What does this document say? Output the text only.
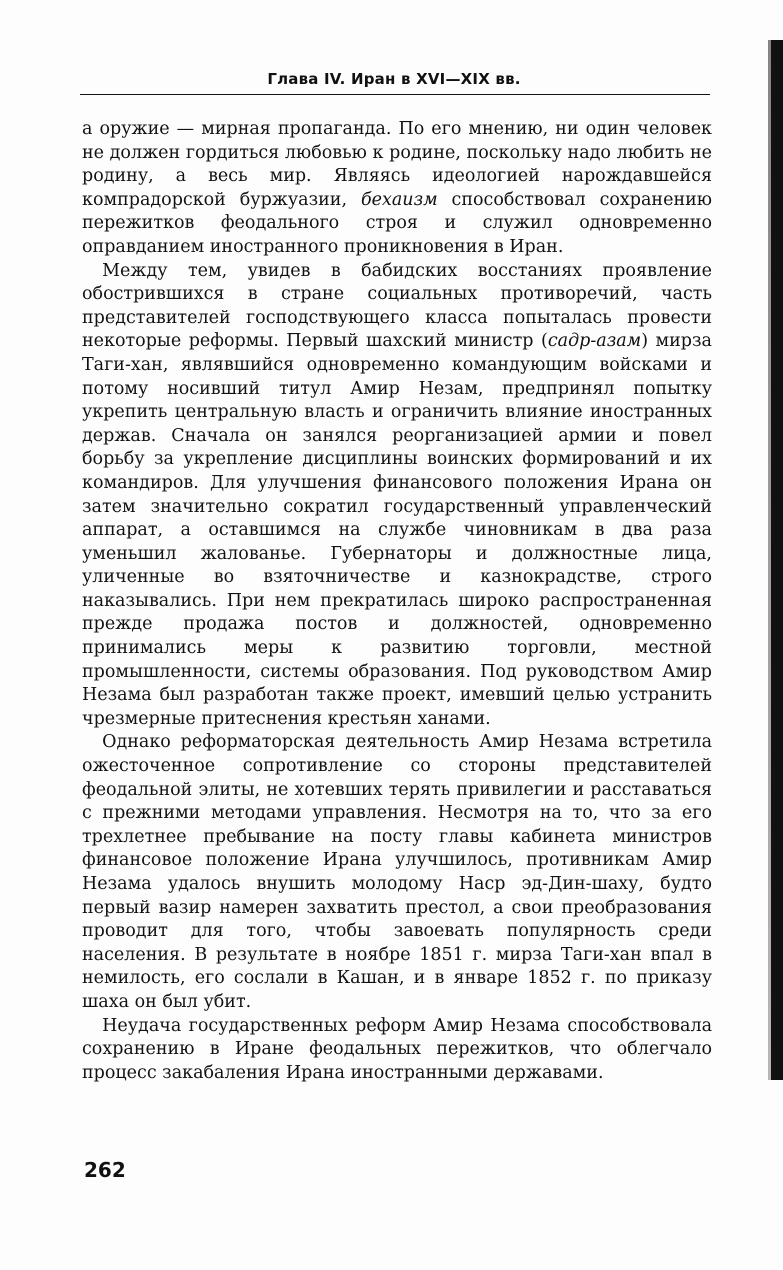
Глава IV. Иран в XVI—XIX вв.

а оружие — мирная пропаганда. По его мнению, ни один человек не должен гордиться любовью к родине, поскольку надо любить не родину, а весь мир. Являясь идеологией нарождавшейся компрадорской буржуазии, бехаизм способствовал сохранению пережитков феодального строя и служил одновременно оправданием иностранного проникновения в Иран.

Между тем, увидев в бабидских восстаниях проявление обострившихся в стране социальных противоречий, часть представителей господствующего класса попыталась провести некоторые реформы. Первый шахский министр (садр-азам) мирза Таги-хан, являвшийся одновременно командующим войсками и потому носивший титул Амир Незам, предпринял попытку укрепить центральную власть и ограничить влияние иностранных держав. Сначала он занялся реорганизацией армии и повел борьбу за укрепление дисциплины воинских формирований и их командиров. Для улучшения финансового положения Ирана он затем значительно сократил государственный управленческий аппарат, а оставшимся на службе чиновникам в два раза уменьшил жалованье. Губернаторы и должностные лица, уличенные во взяточничестве и казнокрадстве, строго наказывались. При нем прекратилась широко распространенная прежде продажа постов и должностей, одновременно принимались меры к развитию торговли, местной промышленности, системы образования. Под руководством Амир Незама был разработан также проект, имевший целью устранить чрезмерные притеснения крестьян ханами.

Однако реформаторская деятельность Амир Незама встретила ожесточенное сопротивление со стороны представителей феодальной элиты, не хотевших терять привилегии и расставаться с прежними методами управления. Несмотря на то, что за его трехлетнее пребывание на посту главы кабинета министров финансовое положение Ирана улучшилось, противникам Амир Незама удалось внушить молодому Наср эд-Дин-шаху, будто первый вазир намерен захватить престол, а свои преобразования проводит для того, чтобы завоевать популярность среди населения. В результате в ноябре 1851 г. мирза Таги-хан впал в немилость, его сослали в Кашан, и в январе 1852 г. по приказу шаха он был убит.

Неудача государственных реформ Амир Незама способствовала сохранению в Иране феодальных пережитков, что облегчало процесс закабаления Ирана иностранными державами.

262
